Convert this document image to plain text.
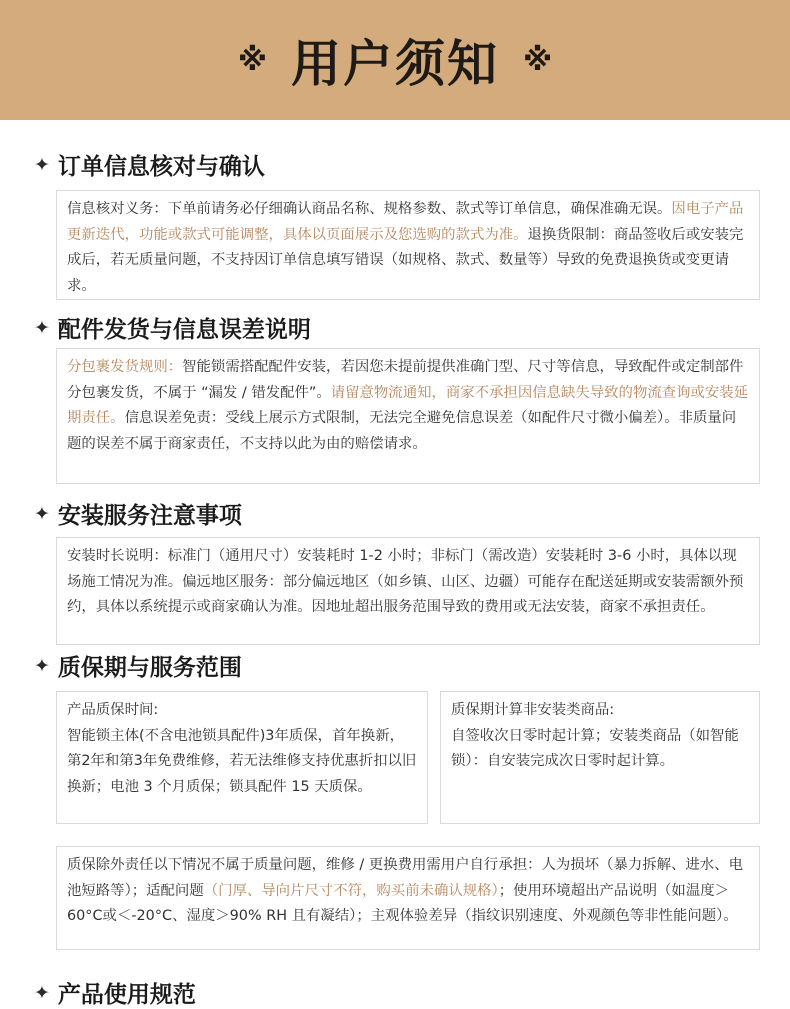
※ 用户须知 ※
✦ 订单信息核对与确认
信息核对义务：下单前请务必仔细确认商品名称、规格参数、款式等订单信息，确保准确无误。因电子产品更新迭代，功能或款式可能调整，具体以页面展示及您选购的款式为准。退换货限制：商品签收后或安装完成后，若无质量问题，不支持因订单信息填写错误（如规格、款式、数量等）导致的免费退换货或变更请求。
✦ 配件发货与信息误差说明
分包裹发货规则：智能锁需搭配配件安装，若因您未提前提供准确门型、尺寸等信息，导致配件或定制部件分包裹发货，不属于 “漏发 / 错发配件”。请留意物流通知，商家不承担因信息缺失导致的物流查询或安装延期责任。信息误差免责：受线上展示方式限制，无法完全避免信息误差（如配件尺寸微小偏差）。非质量问题的误差不属于商家责任，不支持以此为由的赔偿请求。
✦ 安装服务注意事项
安装时长说明：标准门（通用尺寸）安装耗时 1-2 小时；非标门（需改造）安装耗时 3-6 小时，具体以现场施工情况为准。偏远地区服务：部分偏远地区（如乡镇、山区、边疆）可能存在配送延期或安装需额外预约，具体以系统提示或商家确认为准。因地址超出服务范围导致的费用或无法安装，商家不承担责任。
✦ 质保期与服务范围
产品质保时间:
智能锁主体(不含电池锁具配件)3年质保，首年换新，第2年和第3年免费维修，若无法维修支持优惠折扣以旧换新；电池 3 个月质保；锁具配件 15 天质保。
质保期计算非安装类商品:
自签收次日零时起计算；安装类商品（如智能锁）：自安装完成次日零时起计算。
质保除外责任以下情况不属于质量问题，维修 / 更换费用需用户自行承担：人为损坏（暴力拆解、进水、电池短路等）；适配问题（门厚、导向片尺寸不符，购买前未确认规格）；使用环境超出产品说明（如温度＞60°C或＜-20°C、湿度＞90% RH 且有凝结）；主观体验差异（指纹识别速度、外观颜色等非性能问题）。
✦ 产品使用规范
